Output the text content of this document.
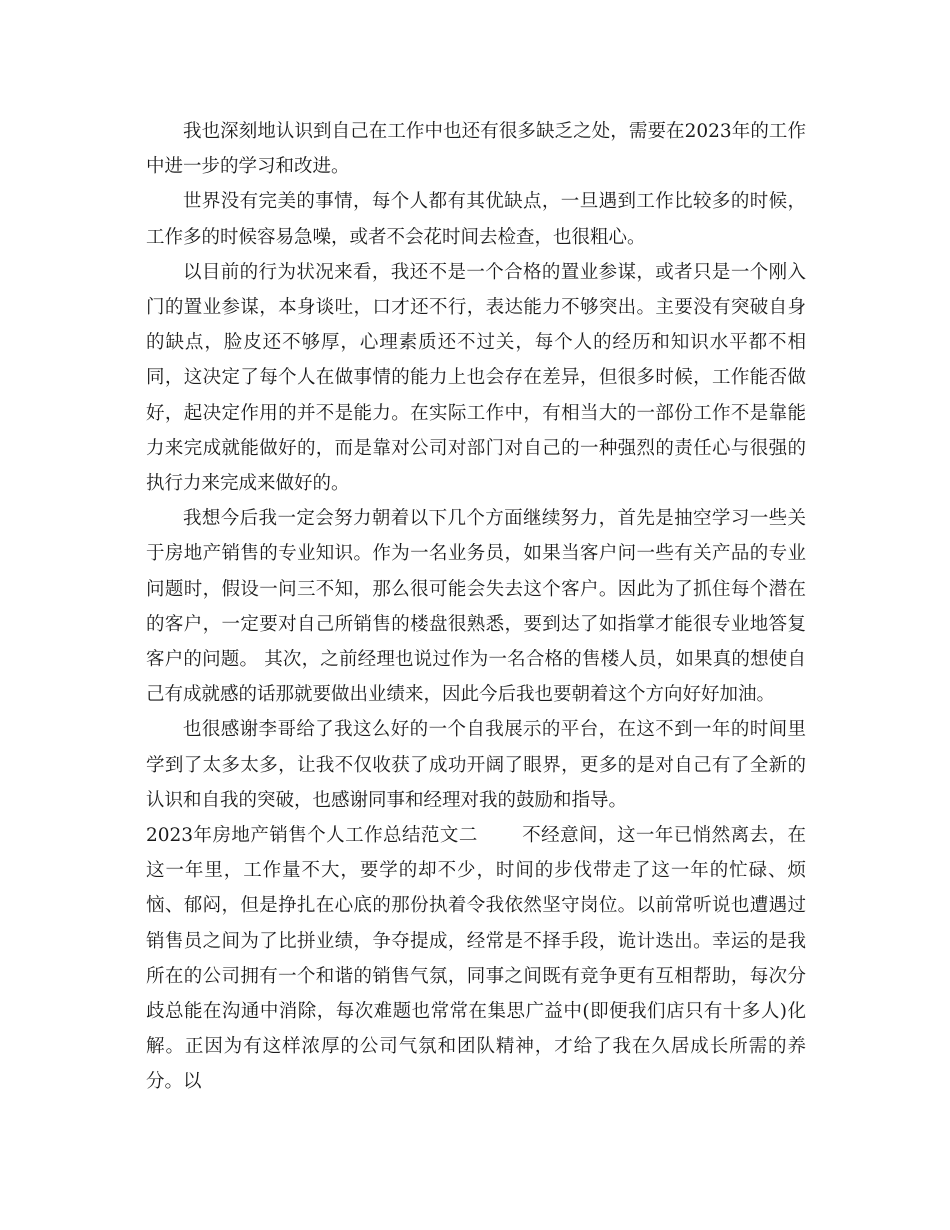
我也深刻地认识到自己在工作中也还有很多缺乏之处，需要在2023年的工作中进一步的学习和改进。

世界没有完美的事情，每个人都有其优缺点，一旦遇到工作比较多的时候，工作多的时候容易急噪，或者不会花时间去检查，也很粗心。

以目前的行为状况来看，我还不是一个合格的置业参谋，或者只是一个刚入门的置业参谋，本身谈吐，口才还不行，表达能力不够突出。主要没有突破自身的缺点，脸皮还不够厚，心理素质还不过关，每个人的经历和知识水平都不相同，这决定了每个人在做事情的能力上也会存在差异，但很多时候，工作能否做好，起决定作用的并不是能力。在实际工作中，有相当大的一部份工作不是靠能力来完成就能做好的，而是靠对公司对部门对自己的一种强烈的责任心与很强的执行力来完成来做好的。

我想今后我一定会努力朝着以下几个方面继续努力，首先是抽空学习一些关于房地产销售的专业知识。作为一名业务员，如果当客户问一些有关产品的专业问题时，假设一问三不知，那么很可能会失去这个客户。因此为了抓住每个潜在的客户，一定要对自己所销售的楼盘很熟悉，要到达了如指掌才能很专业地答复客户的问题。 其次，之前经理也说过作为一名合格的售楼人员，如果真的想使自己有成就感的话那就要做出业绩来，因此今后我也要朝着这个方向好好加油。

也很感谢李哥给了我这么好的一个自我展示的平台，在这不到一年的时间里学到了太多太多，让我不仅收获了成功开阔了眼界，更多的是对自己有了全新的认识和自我的突破，也感谢同事和经理对我的鼓励和指导。

2023年房地产销售个人工作总结范文二 不经意间，这一年已悄然离去，在这一年里，工作量不大，要学的却不少，时间的步伐带走了这一年的忙碌、烦恼、郁闷，但是挣扎在心底的那份执着令我依然坚守岗位。以前常听说也遭遇过销售员之间为了比拼业绩，争夺提成，经常是不择手段，诡计迭出。幸运的是我所在的公司拥有一个和谐的销售气氛，同事之间既有竞争更有互相帮助，每次分歧总能在沟通中消除，每次难题也常常在集思广益中(即便我们店只有十多人)化解。正因为有这样浓厚的公司气氛和团队精神，才给了我在久居成长所需的养分。以
